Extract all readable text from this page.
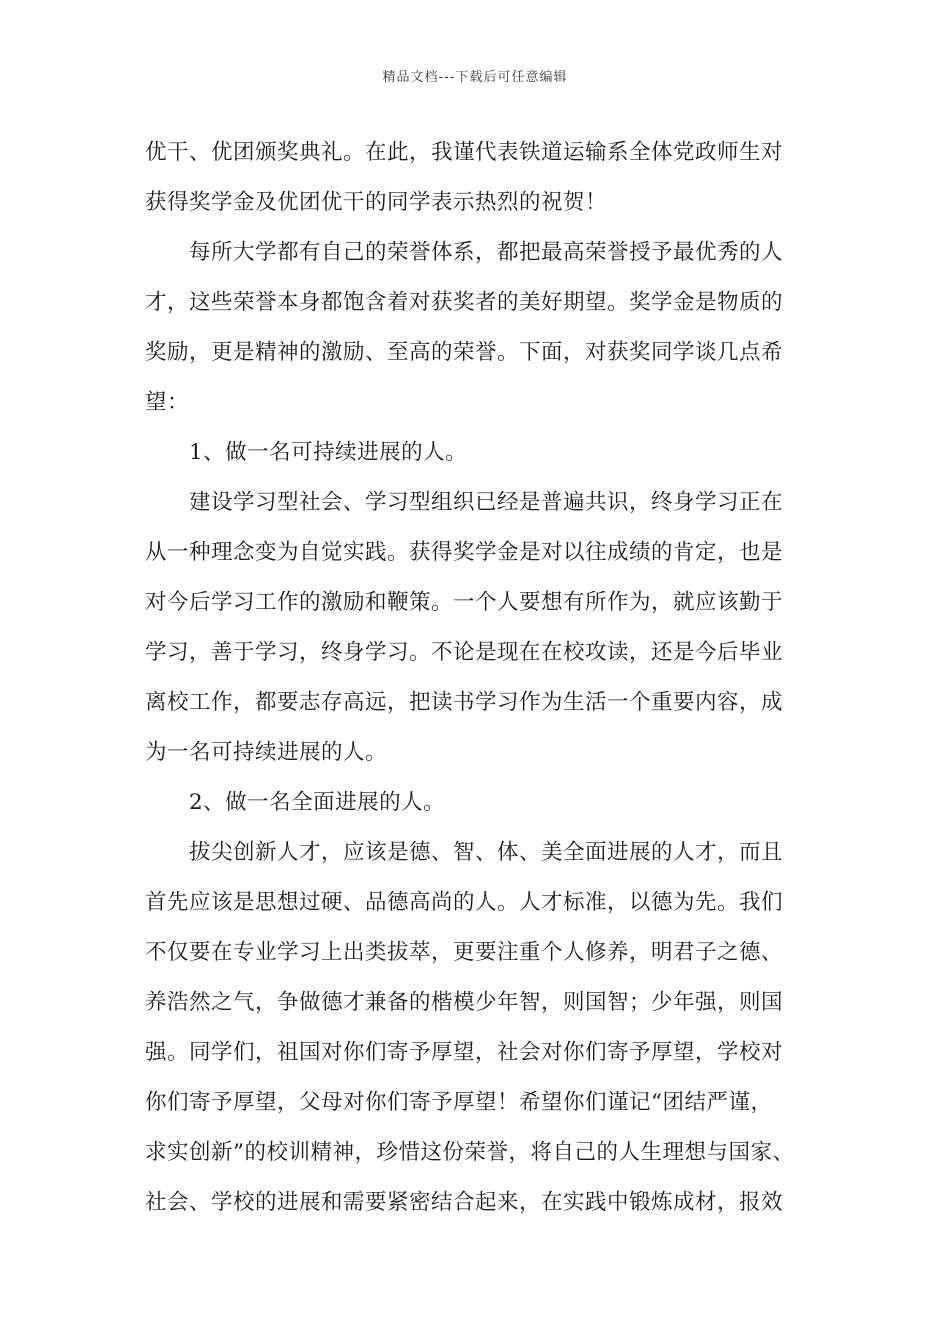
精品文档---下载后可任意编辑
优干、优团颁奖典礼。在此，我谨代表铁道运输系全体党政师生对
获得奖学金及优团优干的同学表示热烈的祝贺！
每所大学都有自己的荣誉体系，都把最高荣誉授予最优秀的人
才，这些荣誉本身都饱含着对获奖者的美好期望。奖学金是物质的
奖励，更是精神的激励、至高的荣誉。下面，对获奖同学谈几点希
望：
1、做一名可持续进展的人。
建设学习型社会、学习型组织已经是普遍共识，终身学习正在
从一种理念变为自觉实践。获得奖学金是对以往成绩的肯定，也是
对今后学习工作的激励和鞭策。一个人要想有所作为，就应该勤于
学习，善于学习，终身学习。不论是现在在校攻读，还是今后毕业
离校工作，都要志存高远，把读书学习作为生活一个重要内容，成
为一名可持续进展的人。
2、做一名全面进展的人。
拔尖创新人才，应该是德、智、体、美全面进展的人才，而且
首先应该是思想过硬、品德高尚的人。人才标准，以德为先。我们
不仅要在专业学习上出类拔萃，更要注重个人修养，明君子之德、
养浩然之气，争做德才兼备的楷模少年智，则国智；少年强，则国
强。同学们，祖国对你们寄予厚望，社会对你们寄予厚望，学校对
你们寄予厚望，父母对你们寄予厚望！希望你们谨记“团结严谨，
求实创新”的校训精神，珍惜这份荣誉，将自己的人生理想与国家、
社会、学校的进展和需要紧密结合起来，在实践中锻炼成材，报效
